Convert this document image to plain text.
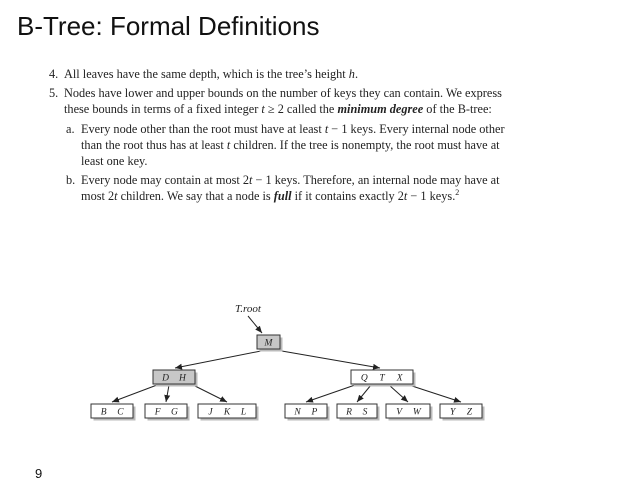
B-Tree: Formal Definitions
4. All leaves have the same depth, which is the tree’s height h.
5. Nodes have lower and upper bounds on the number of keys they can contain. We express these bounds in terms of a fixed integer t ≥ 2 called the minimum degree of the B-tree:
a. Every node other than the root must have at least t − 1 keys. Every internal node other than the root thus has at least t children. If the tree is nonempty, the root must have at least one key.
b. Every node may contain at most 2t − 1 keys. Therefore, an internal node may have at most 2t children. We say that a node is full if it contains exactly 2t − 1 keys.$^2$
M
D H	Q T X
B C	F G	J K L	N P	R S	V W	Y Z
T.root
9
